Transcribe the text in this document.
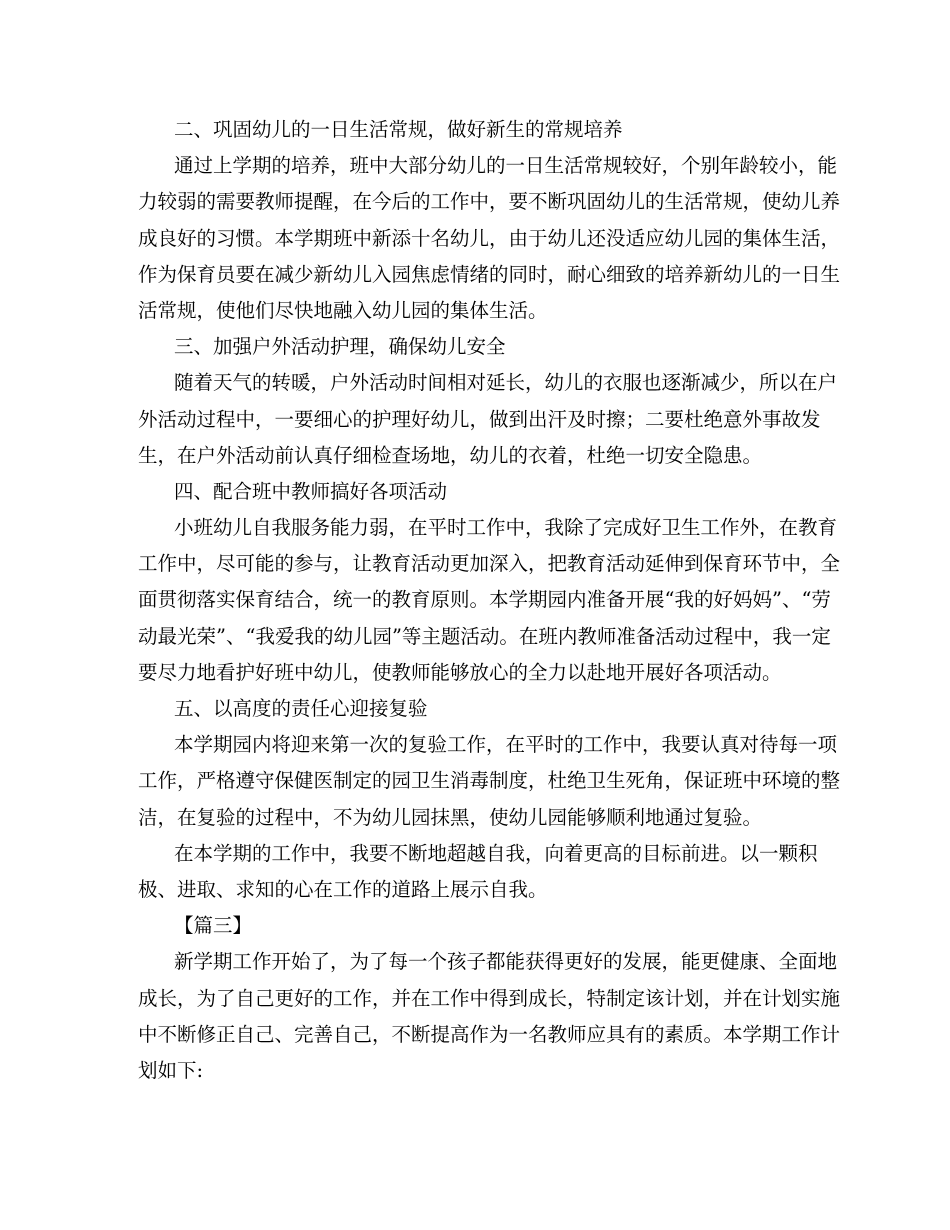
二、巩固幼儿的一日生活常规，做好新生的常规培养
通过上学期的培养，班中大部分幼儿的一日生活常规较好，个别年龄较小，能
力较弱的需要教师提醒，在今后的工作中，要不断巩固幼儿的生活常规，使幼儿养
成良好的习惯。本学期班中新添十名幼儿，由于幼儿还没适应幼儿园的集体生活，
作为保育员要在减少新幼儿入园焦虑情绪的同时，耐心细致的培养新幼儿的一日生
活常规，使他们尽快地融入幼儿园的集体生活。
三、加强户外活动护理，确保幼儿安全
随着天气的转暖，户外活动时间相对延长，幼儿的衣服也逐渐减少，所以在户
外活动过程中，一要细心的护理好幼儿，做到出汗及时擦；二要杜绝意外事故发
生，在户外活动前认真仔细检查场地，幼儿的衣着，杜绝一切安全隐患。
四、配合班中教师搞好各项活动
小班幼儿自我服务能力弱，在平时工作中，我除了完成好卫生工作外，在教育
工作中，尽可能的参与，让教育活动更加深入，把教育活动延伸到保育环节中，全
面贯彻落实保育结合，统一的教育原则。本学期园内准备开展“我的好妈妈”、“劳
动最光荣”、“我爱我的幼儿园”等主题活动。在班内教师准备活动过程中，我一定
要尽力地看护好班中幼儿，使教师能够放心的全力以赴地开展好各项活动。
五、以高度的责任心迎接复验
本学期园内将迎来第一次的复验工作，在平时的工作中，我要认真对待每一项
工作，严格遵守保健医制定的园卫生消毒制度，杜绝卫生死角，保证班中环境的整
洁，在复验的过程中，不为幼儿园抹黑，使幼儿园能够顺利地通过复验。
在本学期的工作中，我要不断地超越自我，向着更高的目标前进。以一颗积
极、进取、求知的心在工作的道路上展示自我。
【篇三】
新学期工作开始了，为了每一个孩子都能获得更好的发展，能更健康、全面地
成长，为了自己更好的工作，并在工作中得到成长，特制定该计划，并在计划实施
中不断修正自己、完善自己，不断提高作为一名教师应具有的素质。本学期工作计
划如下:
